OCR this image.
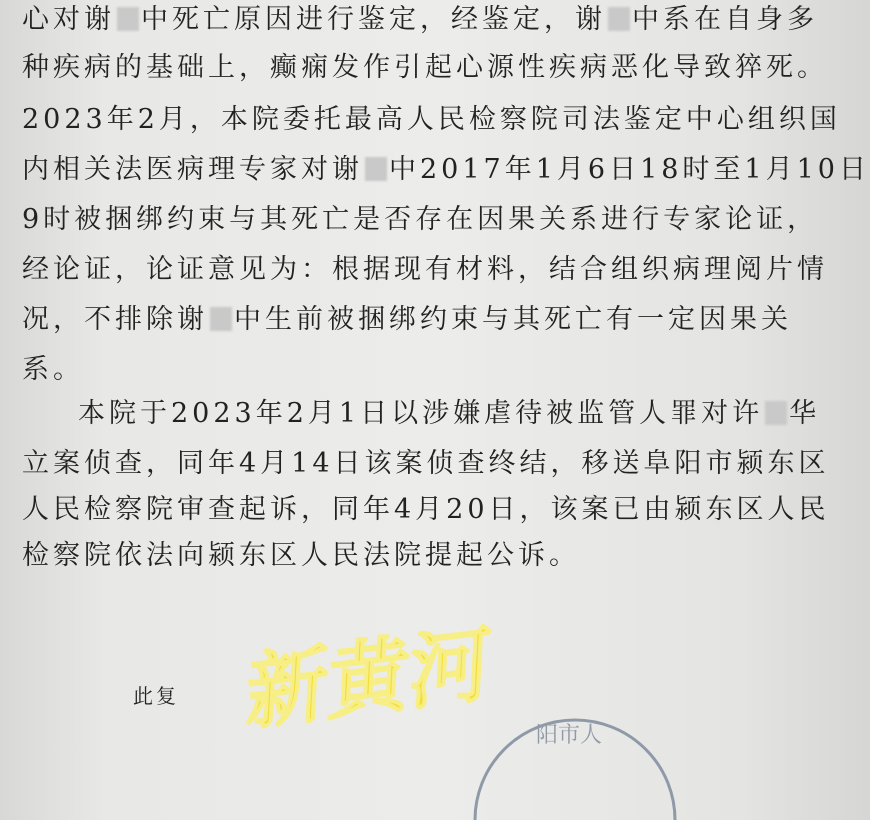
心对谢 中死亡原因进行鉴定，经鉴定，谢 中系在自身多
种疾病的基础上，癫痫发作引起心源性疾病恶化导致猝死。
2023年2月，本院委托最高人民检察院司法鉴定中心组织国
内相关法医病理专家对谢 中2017年1月6日18时至1月10日
9时被捆绑约束与其死亡是否存在因果关系进行专家论证，
经论证，论证意见为：根据现有材料，结合组织病理阅片情
况，不排除谢 中生前被捆绑约束与其死亡有一定因果关
系。
本院于2023年2月1日以涉嫌虐待被监管人罪对许 华
立案侦查，同年4月14日该案侦查终结，移送阜阳市颍东区
人民检察院审查起诉，同年4月20日，该案已由颍东区人民
检察院依法向颍东区人民法院提起公诉。
此复 新黄河 阳市人
